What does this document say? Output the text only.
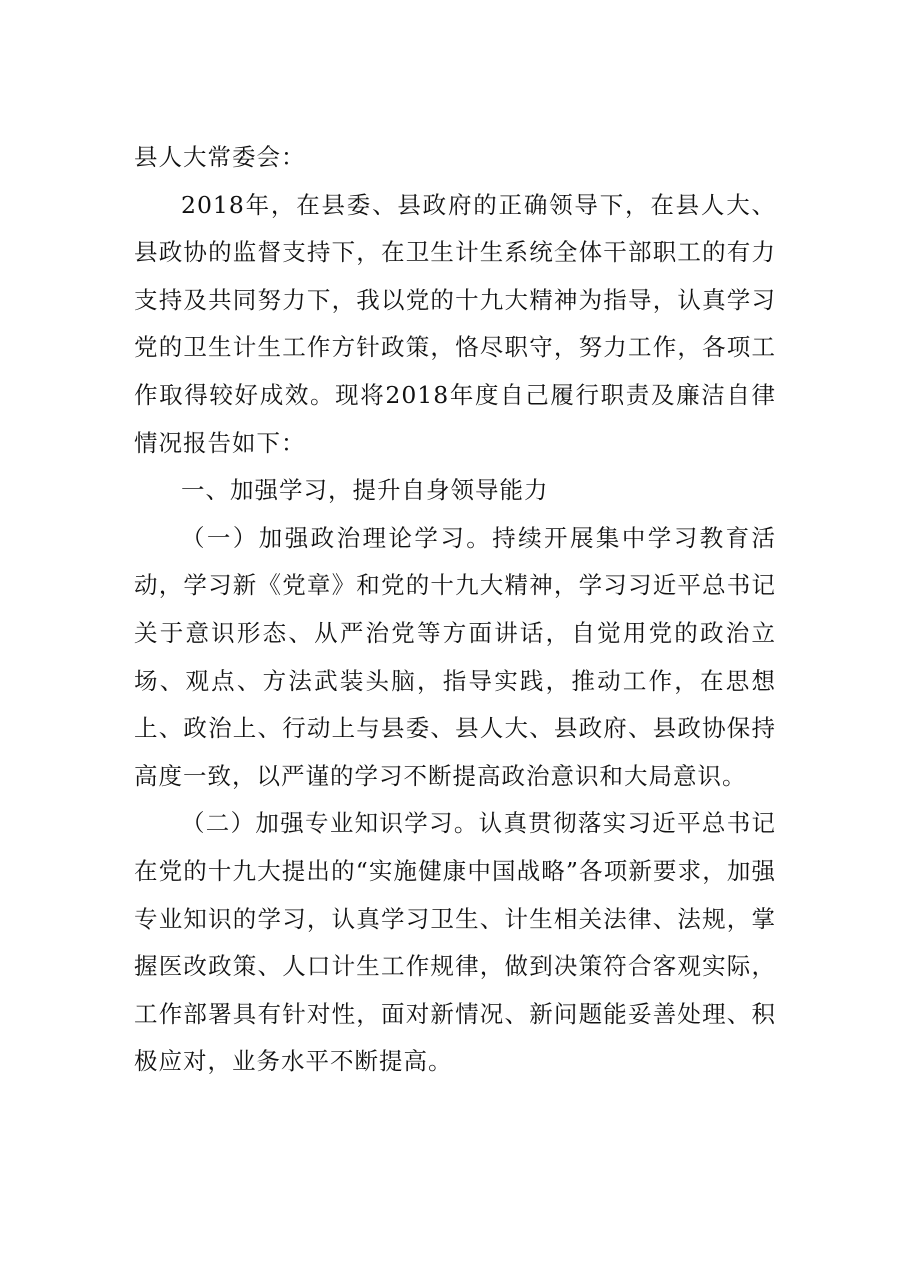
县人大常委会：

2018年，在县委、县政府的正确领导下，在县人大、县政协的监督支持下，在卫生计生系统全体干部职工的有力支持及共同努力下，我以党的十九大精神为指导，认真学习党的卫生计生工作方针政策，恪尽职守，努力工作，各项工作取得较好成效。现将2018年度自己履行职责及廉洁自律情况报告如下：

一、加强学习，提升自身领导能力

（一）加强政治理论学习。持续开展集中学习教育活动，学习新《党章》和党的十九大精神，学习习近平总书记关于意识形态、从严治党等方面讲话，自觉用党的政治立场、观点、方法武装头脑，指导实践，推动工作，在思想上、政治上、行动上与县委、县人大、县政府、县政协保持高度一致，以严谨的学习不断提高政治意识和大局意识。

（二）加强专业知识学习。认真贯彻落实习近平总书记在党的十九大提出的“实施健康中国战略”各项新要求，加强专业知识的学习，认真学习卫生、计生相关法律、法规，掌握医改政策、人口计生工作规律，做到决策符合客观实际，工作部署具有针对性，面对新情况、新问题能妥善处理、积极应对，业务水平不断提高。
